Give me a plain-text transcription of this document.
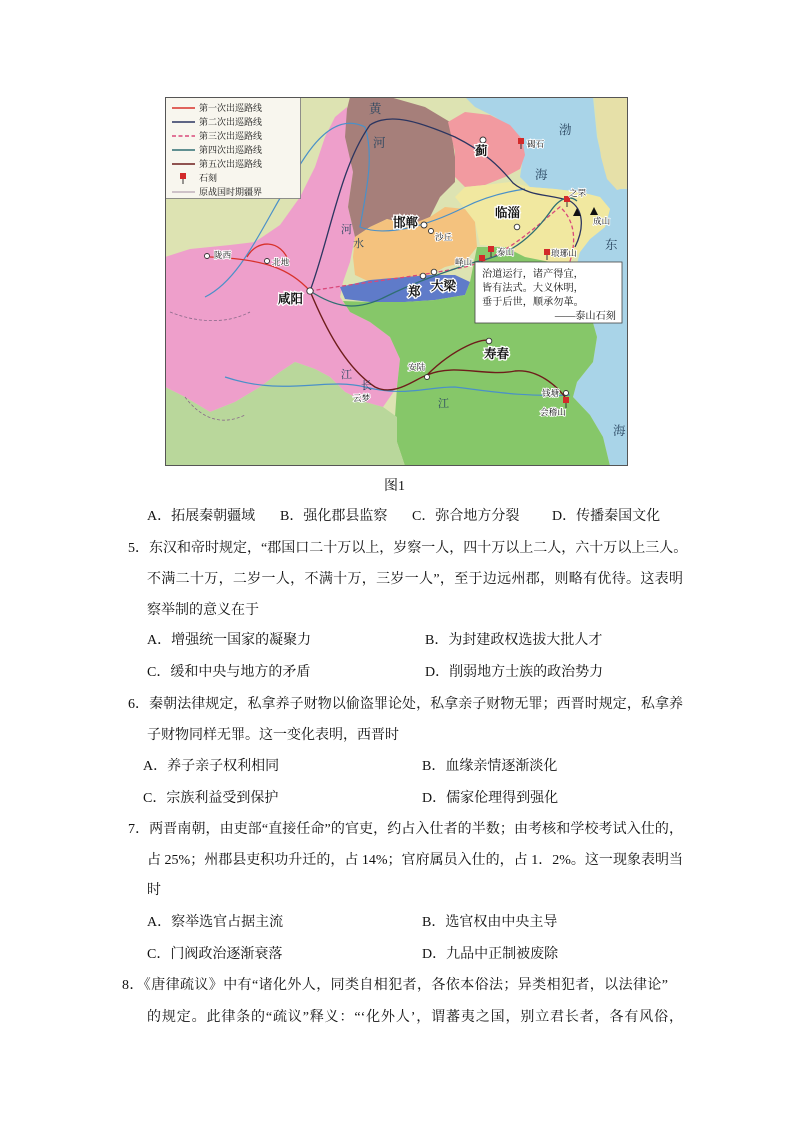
黄
河	碣石
蓟
渤
海
邯郸
沙丘
临淄
之罘
成山
河
水
陇西
北地
咸阳
峄山
泰山	琅琊山
东
郑 大梁
寿春
安陆
江
长
云梦	江
钱塘
会稽山
海
治道运行，诸产得宜，
皆有法式。大义休明，
垂于后世，顺承勿革。
——泰山石刻
第一次出巡路线
第二次出巡路线
第三次出巡路线
第四次出巡路线
第五次出巡路线
石刻
原战国时期疆界
图1
A．拓展秦朝疆域 B．强化郡县监察 C．弥合地方分裂 D．传播秦国文化
5．东汉和帝时规定，“郡国口二十万以上，岁察一人，四十万以上二人，六十万以上三人。
不满二十万，二岁一人，不满十万，三岁一人”，至于边远州郡，则略有优待。这表明
察举制的意义在于
A．增强统一国家的凝聚力	B．为封建政权选拔大批人才
C．缓和中央与地方的矛盾	D．削弱地方士族的政治势力
6．秦朝法律规定，私拿养子财物以偷盗罪论处，私拿亲子财物无罪；西晋时规定，私拿养
子财物同样无罪。这一变化表明，西晋时
A．养子亲子权利相同	B．血缘亲情逐渐淡化
C．宗族利益受到保护	D．儒家伦理得到强化
7．两晋南朝，由吏部“直接任命”的官吏，约占入仕者的半数；由考核和学校考试入仕的，
占 25%；州郡县吏积功升迁的，占 14%；官府属员入仕的，占 1．2%。这一现象表明当
时
A．察举选官占据主流	B．选官权由中央主导
C．门阀政治逐渐衰落	D．九品中正制被废除
8．《唐律疏议》中有“诸化外人，同类自相犯者，各依本俗法；异类相犯者，以法律论”
的规定。此律条的“疏议”释义：“‘化外人’，谓蕃夷之国，别立君长者，各有风俗，
